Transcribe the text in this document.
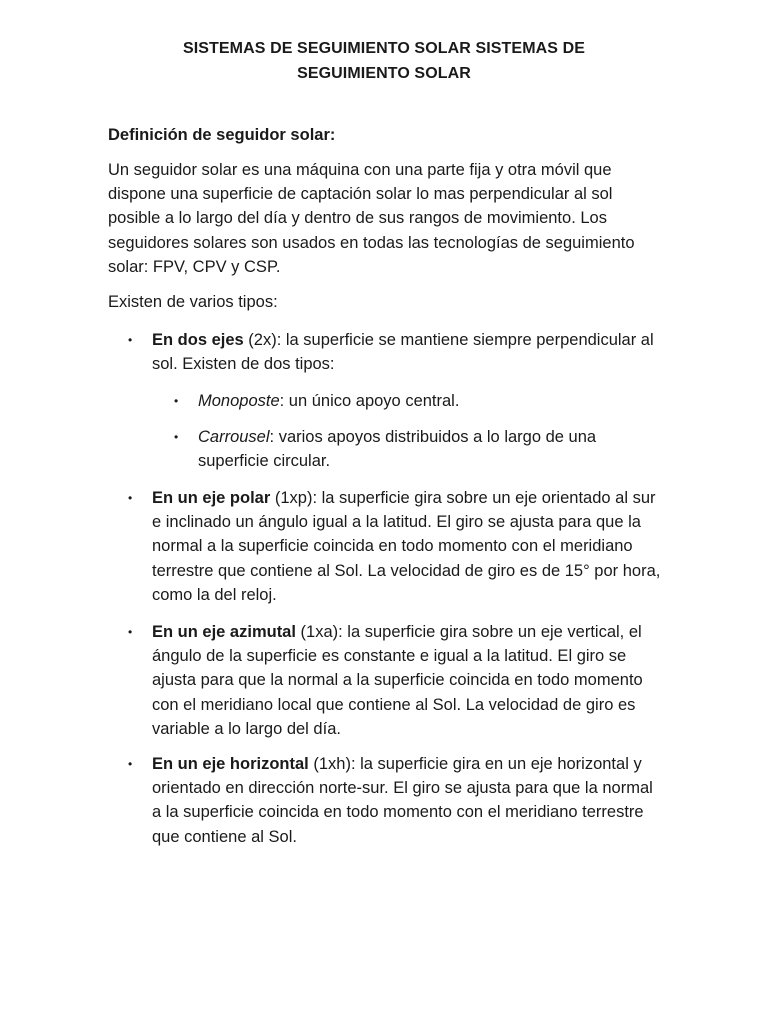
SISTEMAS DE SEGUIMIENTO SOLAR SISTEMAS DE
SEGUIMIENTO SOLAR
Definición de seguidor solar:

Un seguidor solar es una máquina con una parte fija y otra móvil que dispone una superficie de captación solar lo mas perpendicular al sol posible a lo largo del día y dentro de sus rangos de movimiento. Los seguidores solares son usados en todas las tecnologías de seguimiento solar: FPV, CPV y CSP.

Existen de varios tipos:

• En dos ejes (2x): la superficie se mantiene siempre perpendicular al sol. Existen de dos tipos:

• Monoposte: un único apoyo central.

• Carrousel: varios apoyos distribuidos a lo largo de una superficie circular.

• En un eje polar (1xp): la superficie gira sobre un eje orientado al sur e inclinado un ángulo igual a la latitud. El giro se ajusta para que la normal a la superficie coincida en todo momento con el meridiano terrestre que contiene al Sol. La velocidad de giro es de 15° por hora, como la del reloj.

• En un eje azimutal (1xa): la superficie gira sobre un eje vertical, el ángulo de la superficie es constante e igual a la latitud. El giro se ajusta para que la normal a la superficie coincida en todo momento con el meridiano local que contiene al Sol. La velocidad de giro es variable a lo largo del día.

• En un eje horizontal (1xh): la superficie gira en un eje horizontal y orientado en dirección norte-sur. El giro se ajusta para que la normal a la superficie coincida en todo momento con el meridiano terrestre que contiene al Sol.
